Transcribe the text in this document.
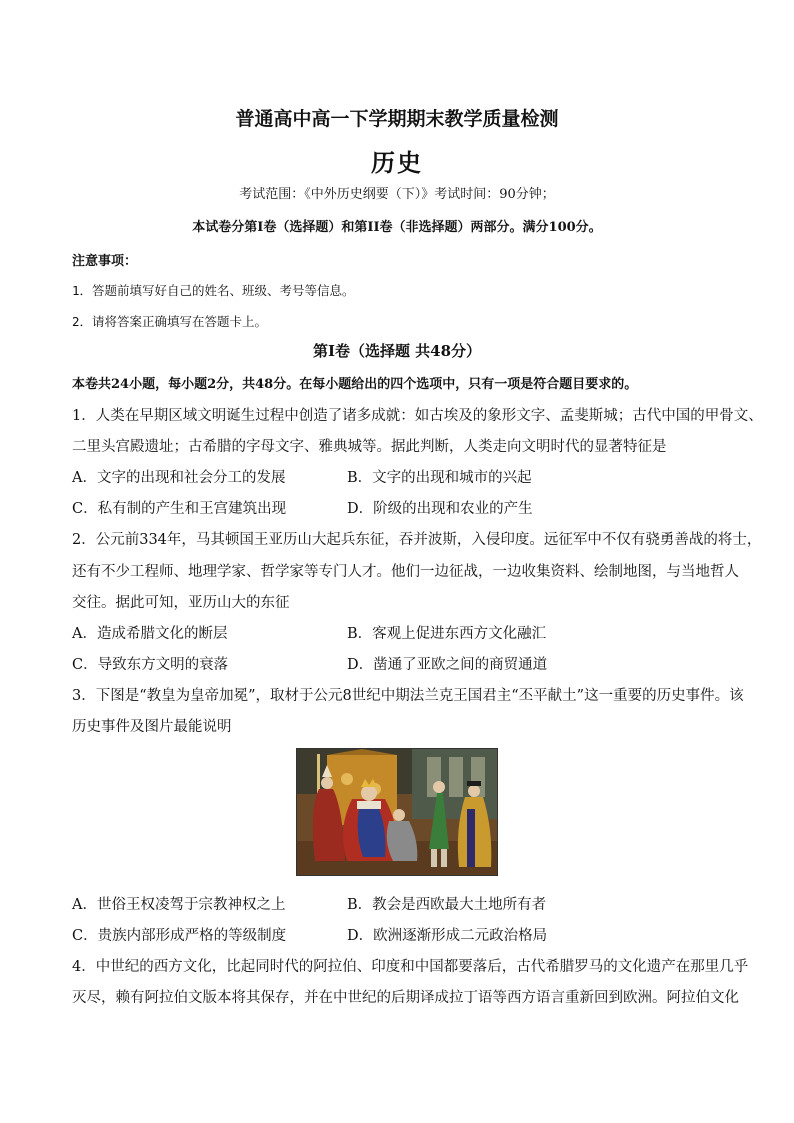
普通高中高一下学期期末教学质量检测
历史
考试范围：《中外历史纲要（下）》考试时间：90分钟；
本试卷分第I卷（选择题）和第II卷（非选择题）两部分。满分100分。
注意事项：
1．答题前填写好自己的姓名、班级、考号等信息。
2．请将答案正确填写在答题卡上。
第I卷（选择题 共48分）
本卷共24小题，每小题2分，共48分。在每小题给出的四个选项中，只有一项是符合题目要求的。
1．人类在早期区域文明诞生过程中创造了诸多成就：如古埃及的象形文字、孟斐斯城；古代中国的甲骨文、
二里头宫殿遗址；古希腊的字母文字、雅典城等。据此判断，人类走向文明时代的显著特征是
A．文字的出现和社会分工的发展	B．文字的出现和城市的兴起
C．私有制的产生和王宫建筑出现	D．阶级的出现和农业的产生
2．公元前334年，马其顿国王亚历山大起兵东征，吞并波斯，入侵印度。远征军中不仅有骁勇善战的将士，
还有不少工程师、地理学家、哲学家等专门人才。他们一边征战，一边收集资料、绘制地图，与当地哲人
交往。据此可知，亚历山大的东征
A．造成希腊文化的断层	B．客观上促进东西方文化融汇
C．导致东方文明的衰落	D．凿通了亚欧之间的商贸通道
3．下图是“教皇为皇帝加冕”，取材于公元8世纪中期法兰克王国君主“丕平献土”这一重要的历史事件。该
历史事件及图片最能说明
A．世俗王权凌驾于宗教神权之上	B．教会是西欧最大土地所有者
C．贵族内部形成严格的等级制度	D．欧洲逐渐形成二元政治格局
4．中世纪的西方文化，比起同时代的阿拉伯、印度和中国都要落后，古代希腊罗马的文化遗产在那里几乎
灭尽，赖有阿拉伯文版本将其保存，并在中世纪的后期译成拉丁语等西方语言重新回到欧洲。阿拉伯文化
